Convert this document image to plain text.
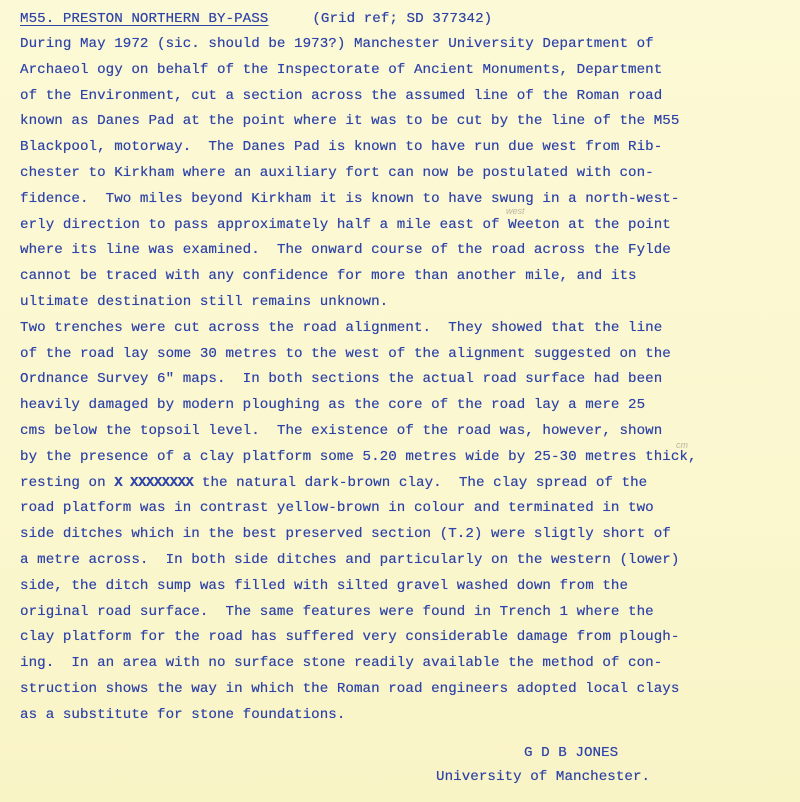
M55. PRESTON NORTHERN BY-PASS	(Grid ref; SD 377342)
During May 1972 (sic. should be 1973?) Manchester University Department of
Archaeol ogy on behalf of the Inspectorate of Ancient Monuments, Department
of the Environment, cut a section across the assumed line of the Roman road
known as Danes Pad at the point where it was to be cut by the line of the M55
Blackpool, motorway.  The Danes Pad is known to have run due west from Rib-
chester to Kirkham where an auxiliary fort can now be postulated with con-
fidence.  Two miles beyond Kirkham it is known to have swung in a north-west-
erly direction to pass approximately half a mile east of Weeton at the point
where its line was examined.  The onward course of the road across the Fylde
cannot be traced with any confidence for more than another mile, and its
ultimate destination still remains unknown.
Two trenches were cut across the road alignment.  They showed that the line
of the road lay some 30 metres to the west of the alignment suggested on the
Ordnance Survey 6" maps.  In both sections the actual road surface had been
heavily damaged by modern ploughing as the core of the road lay a mere 25
cms below the topsoil level.  The existence of the road was, however, shown
by the presence of a clay platform some 5.20 metres wide by 25-30 metres thick,
resting on X XXXXXXXX the natural dark-brown clay.  The clay spread of the
road platform was in contrast yellow-brown in colour and terminated in two
side ditches which in the best preserved section (T.2) were sligtly short of
a metre across.  In both side ditches and particularly on the western (lower)
side, the ditch sump was filled with silted gravel washed down from the
original road surface.  The same features were found in Trench 1 where the
clay platform for the road has suffered very considerable damage from plough-
ing.  In an area with no surface stone readily available the method of con-
struction shows the way in which the Roman road engineers adopted local clays
as a substitute for stone foundations.
west
cm
G D B JONES
University of Manchester.
